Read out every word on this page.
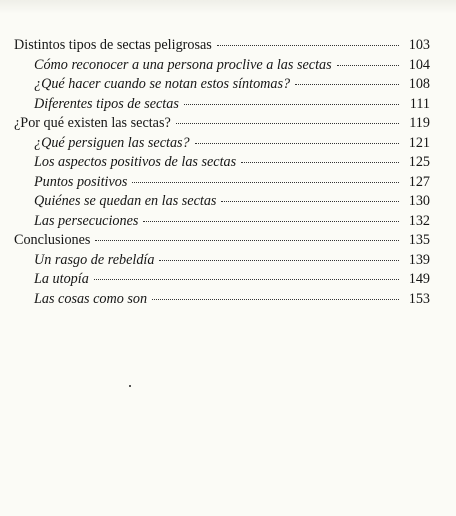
Distintos tipos de sectas peligrosas	103
Cómo reconocer a una persona proclive a las sectas	104
¿Qué hacer cuando se notan estos síntomas?	108
Diferentes tipos de sectas	111
¿Por qué existen las sectas?	119
¿Qué persiguen las sectas?	121
Los aspectos positivos de las sectas	125
Puntos positivos	127
Quiénes se quedan en las sectas	130
Las persecuciones	132
Conclusiones	135
Un rasgo de rebeldía	139
La utopía	149
Las cosas como son	153
